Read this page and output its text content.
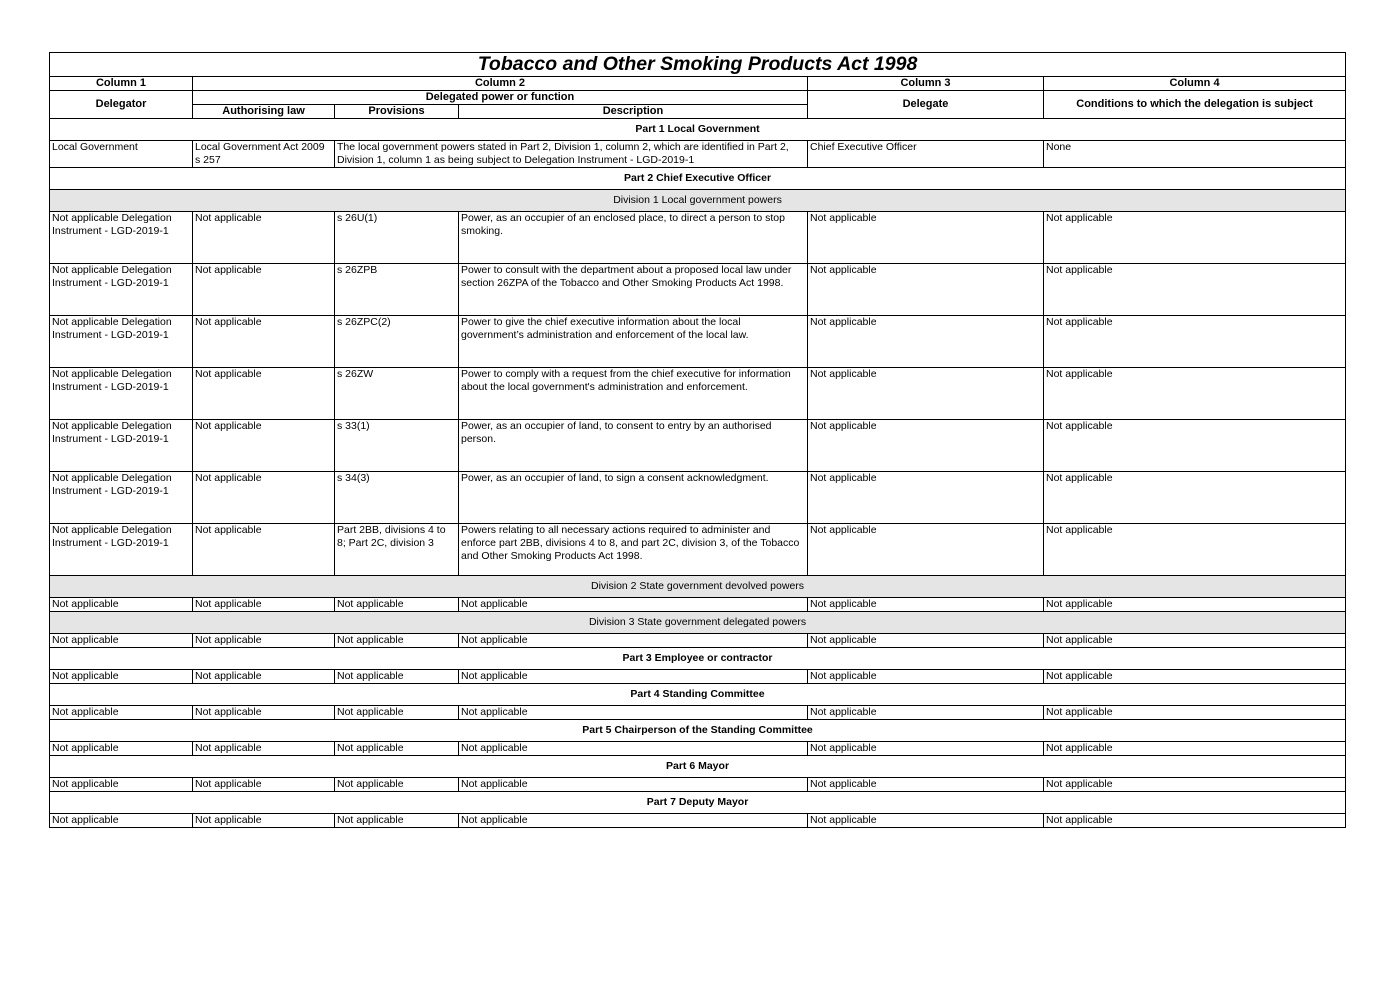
Tobacco and Other Smoking Products Act 1998					
Column 1	Column 2			Column 3	Column 4
Delegator	Delegated power or function			Delegate	Conditions to which the delegation is subject
	Authorising law	Provisions	Description		
Part 1 Local Government					
Local Government	Local Government Act 2009 s 257	The local government powers stated in Part 2, Division 1, column 2, which are identified in Part 2, Division 1, column 1 as being subject to Delegation Instrument - LGD-2019-1		Chief Executive Officer	None
Part 2 Chief Executive Officer					
Division 1 Local government powers					
Not applicable Delegation Instrument - LGD-2019-1	Not applicable	s 26U(1)	Power, as an occupier of an enclosed place, to direct a person to stop smoking.	Not applicable	Not applicable
Not applicable Delegation Instrument - LGD-2019-1	Not applicable	s 26ZPB	Power to consult with the department about a proposed local law under section 26ZPA of the Tobacco and Other Smoking Products Act 1998.	Not applicable	Not applicable
Not applicable Delegation Instrument - LGD-2019-1	Not applicable	s 26ZPC(2)	Power to give the chief executive information about the local government’s administration and enforcement of the local law.	Not applicable	Not applicable
Not applicable Delegation Instrument - LGD-2019-1	Not applicable	s 26ZW	Power to comply with a request from the chief executive for information about the local government's administration and enforcement.	Not applicable	Not applicable
Not applicable Delegation Instrument - LGD-2019-1	Not applicable	s 33(1)	Power, as an occupier of land, to consent to entry by an authorised person.	Not applicable	Not applicable
Not applicable Delegation Instrument - LGD-2019-1	Not applicable	s 34(3)	Power, as an occupier of land, to sign a consent acknowledgment.	Not applicable	Not applicable
Not applicable Delegation Instrument - LGD-2019-1	Not applicable	Part 2BB, divisions 4 to 8; Part 2C, division 3	Powers relating to all necessary actions required to administer and enforce part 2BB, divisions 4 to 8, and part 2C, division 3, of the Tobacco and Other Smoking Products Act 1998.	Not applicable	Not applicable
Division 2 State government devolved powers					
Not applicable	Not applicable	Not applicable	Not applicable	Not applicable	Not applicable
Division 3 State government delegated powers					
Not applicable	Not applicable	Not applicable	Not applicable	Not applicable	Not applicable
Part 3 Employee or contractor					
Not applicable	Not applicable	Not applicable	Not applicable	Not applicable	Not applicable
Part 4 Standing Committee					
Not applicable	Not applicable	Not applicable	Not applicable	Not applicable	Not applicable
Part 5 Chairperson of the Standing Committee					
Not applicable	Not applicable	Not applicable	Not applicable	Not applicable	Not applicable
Part 6 Mayor					
Not applicable	Not applicable	Not applicable	Not applicable	Not applicable	Not applicable
Part 7 Deputy Mayor					
Not applicable	Not applicable	Not applicable	Not applicable	Not applicable	Not applicable
